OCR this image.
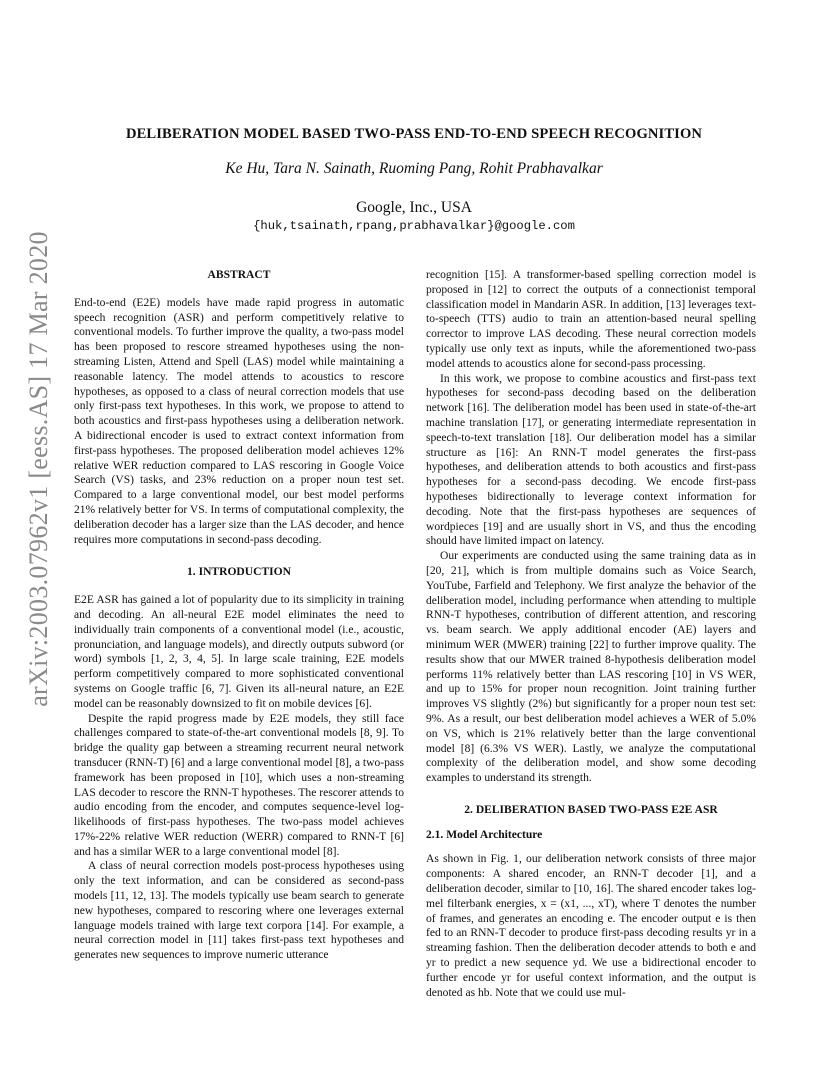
arXiv:2003.07962v1 [eess.AS] 17 Mar 2020
DELIBERATION MODEL BASED TWO-PASS END-TO-END SPEECH RECOGNITION
Ke Hu, Tara N. Sainath, Ruoming Pang, Rohit Prabhavalkar
Google, Inc., USA
{huk,tsainath,rpang,prabhavalkar}@google.com

ABSTRACT

End-to-end (E2E) models have made rapid progress in automatic speech recognition (ASR) and perform competitively relative to conventional models. To further improve the quality, a two-pass model has been proposed to rescore streamed hypotheses using the non-streaming Listen, Attend and Spell (LAS) model while maintaining a reasonable latency. The model attends to acoustics to rescore hypotheses, as opposed to a class of neural correction models that use only first-pass text hypotheses. In this work, we propose to attend to both acoustics and first-pass hypotheses using a deliberation network. A bidirectional encoder is used to extract context information from first-pass hypotheses. The proposed deliberation model achieves 12% relative WER reduction compared to LAS rescoring in Google Voice Search (VS) tasks, and 23% reduction on a proper noun test set. Compared to a large conventional model, our best model performs 21% relatively better for VS. In terms of computational complexity, the deliberation decoder has a larger size than the LAS decoder, and hence requires more computations in second-pass decoding.

1. INTRODUCTION

E2E ASR has gained a lot of popularity due to its simplicity in training and decoding. An all-neural E2E model eliminates the need to individually train components of a conventional model (i.e., acoustic, pronunciation, and language models), and directly outputs subword (or word) symbols [1, 2, 3, 4, 5]. In large scale training, E2E models perform competitively compared to more sophisticated conventional systems on Google traffic [6, 7]. Given its all-neural nature, an E2E model can be reasonably downsized to fit on mobile devices [6].

Despite the rapid progress made by E2E models, they still face challenges compared to state-of-the-art conventional models [8, 9]. To bridge the quality gap between a streaming recurrent neural network transducer (RNN-T) [6] and a large conventional model [8], a two-pass framework has been proposed in [10], which uses a non-streaming LAS decoder to rescore the RNN-T hypotheses. The rescorer attends to audio encoding from the encoder, and computes sequence-level log-likelihoods of first-pass hypotheses. The two-pass model achieves 17%-22% relative WER reduction (WERR) compared to RNN-T [6] and has a similar WER to a large conventional model [8].

A class of neural correction models post-process hypotheses using only the text information, and can be considered as second-pass models [11, 12, 13]. The models typically use beam search to generate new hypotheses, compared to rescoring where one leverages external language models trained with large text corpora [14]. For example, a neural correction model in [11] takes first-pass text hypotheses and generates new sequences to improve numeric utterance

recognition [15]. A transformer-based spelling correction model is proposed in [12] to correct the outputs of a connectionist temporal classification model in Mandarin ASR. In addition, [13] leverages text-to-speech (TTS) audio to train an attention-based neural spelling corrector to improve LAS decoding. These neural correction models typically use only text as inputs, while the aforementioned two-pass model attends to acoustics alone for second-pass processing.

In this work, we propose to combine acoustics and first-pass text hypotheses for second-pass decoding based on the deliberation network [16]. The deliberation model has been used in state-of-the-art machine translation [17], or generating intermediate representation in speech-to-text translation [18]. Our deliberation model has a similar structure as [16]: An RNN-T model generates the first-pass hypotheses, and deliberation attends to both acoustics and first-pass hypotheses for a second-pass decoding. We encode first-pass hypotheses bidirectionally to leverage context information for decoding. Note that the first-pass hypotheses are sequences of wordpieces [19] and are usually short in VS, and thus the encoding should have limited impact on latency.

Our experiments are conducted using the same training data as in [20, 21], which is from multiple domains such as Voice Search, YouTube, Farfield and Telephony. We first analyze the behavior of the deliberation model, including performance when attending to multiple RNN-T hypotheses, contribution of different attention, and rescoring vs. beam search. We apply additional encoder (AE) layers and minimum WER (MWER) training [22] to further improve quality. The results show that our MWER trained 8-hypothesis deliberation model performs 11% relatively better than LAS rescoring [10] in VS WER, and up to 15% for proper noun recognition. Joint training further improves VS slightly (2%) but significantly for a proper noun test set: 9%. As a result, our best deliberation model achieves a WER of 5.0% on VS, which is 21% relatively better than the large conventional model [8] (6.3% VS WER). Lastly, we analyze the computational complexity of the deliberation model, and show some decoding examples to understand its strength.

2. DELIBERATION BASED TWO-PASS E2E ASR

2.1. Model Architecture

As shown in Fig. 1, our deliberation network consists of three major components: A shared encoder, an RNN-T decoder [1], and a deliberation decoder, similar to [10, 16]. The shared encoder takes log-mel filterbank energies, x = (x1, ..., xT), where T denotes the number of frames, and generates an encoding e. The encoder output e is then fed to an RNN-T decoder to produce first-pass decoding results yr in a streaming fashion. Then the deliberation decoder attends to both e and yr to predict a new sequence yd. We use a bidirectional encoder to further encode yr for useful context information, and the output is denoted as hb. Note that we could use mul-
